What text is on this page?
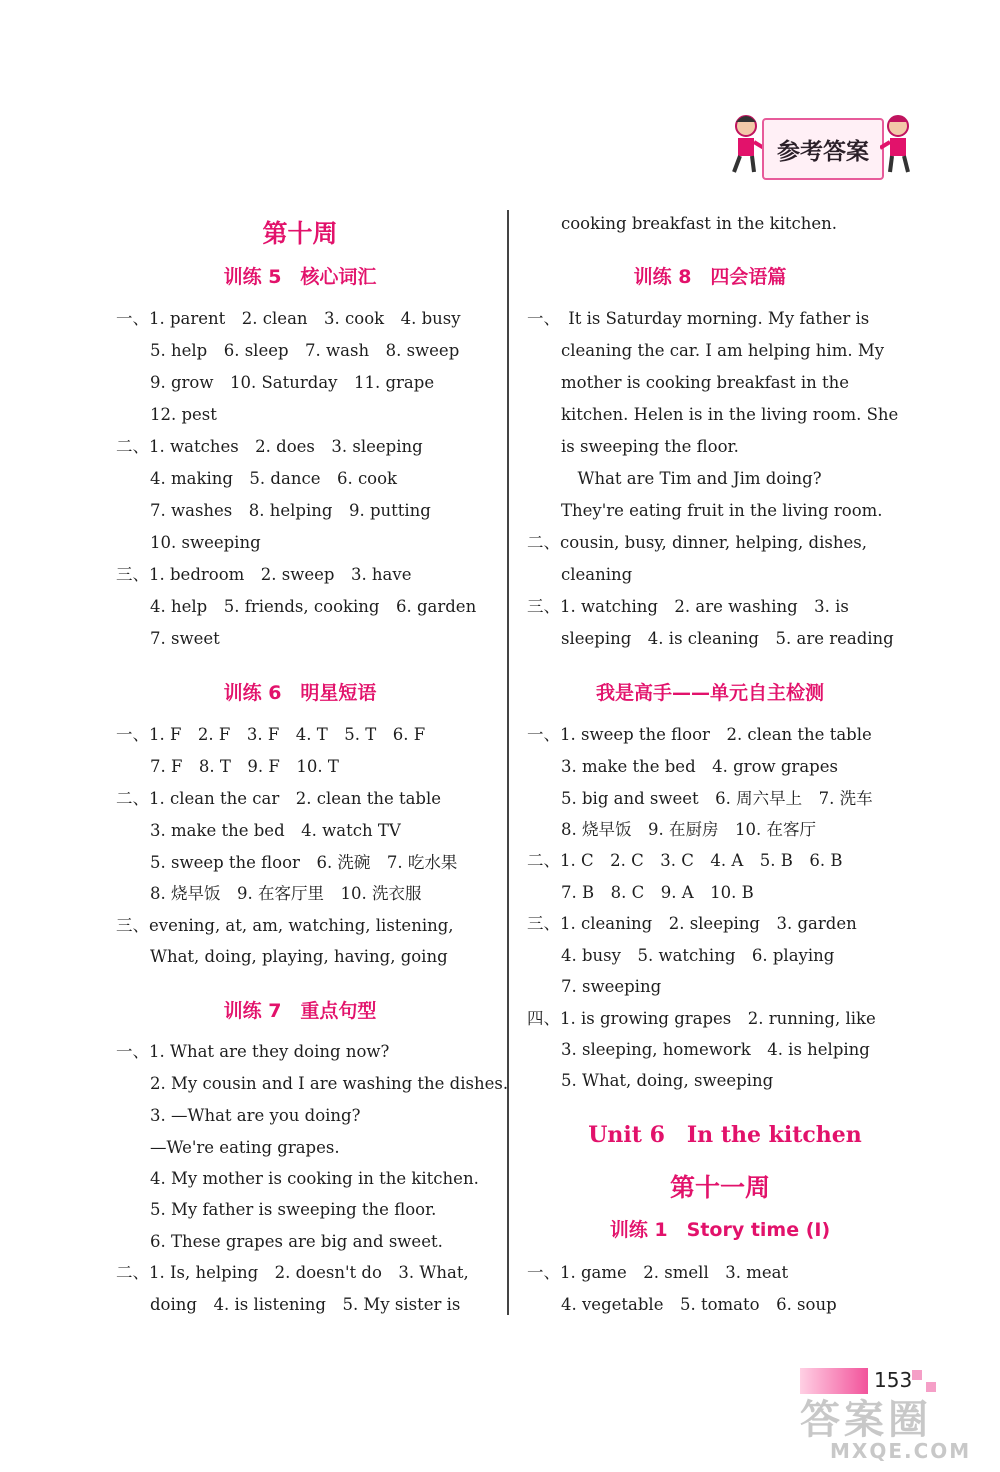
参考答案
第十周
训练 5　核心词汇
一、1. parent　2. clean　3. cook　4. busy
5. help　6. sleep　7. wash　8. sweep
9. grow　10. Saturday　11. grape
12. pest
二、1. watches　2. does　3. sleeping
4. making　5. dance　6. cook
7. washes　8. helping　9. putting
10. sweeping
三、1. bedroom　2. sweep　3. have
4. help　5. friends, cooking　6. garden
7. sweet
训练 6　明星短语
一、1. F　2. F　3. F　4. T　5. T　6. F
7. F　8. T　9. F　10. T
二、1. clean the car　2. clean the table
3. make the bed　4. watch TV
5. sweep the floor　6. 洗碗　7. 吃水果
8. 烧早饭　9. 在客厅里　10. 洗衣服
三、evening, at, am, watching, listening,
What, doing, playing, having, going
训练 7　重点句型
一、1. What are they doing now?
2. My cousin and I are washing the dishes.
3. —What are you doing?
—We're eating grapes.
4. My mother is cooking in the kitchen.
5. My father is sweeping the floor.
6. These grapes are big and sweet.
二、1. Is, helping　2. doesn't do　3. What,
doing　4. is listening　5. My sister is
cooking breakfast in the kitchen.
训练 8　四会语篇
一、　It is Saturday morning. My father is
cleaning the car. I am helping him. My
mother is cooking breakfast in the
kitchen. Helen is in the living room. She
is sweeping the floor.
　What are Tim and Jim doing?
They're eating fruit in the living room.
二、cousin, busy, dinner, helping, dishes,
cleaning
三、1. watching　2. are washing　3. is
sleeping　4. is cleaning　5. are reading
我是高手——单元自主检测
一、1. sweep the floor　2. clean the table
3. make the bed　4. grow grapes
5. big and sweet　6. 周六早上　7. 洗车
8. 烧早饭　9. 在厨房　10. 在客厅
二、1. C　2. C　3. C　4. A　5. B　6. B
7. B　8. C　9. A　10. B
三、1. cleaning　2. sleeping　3. garden
4. busy　5. watching　6. playing
7. sweeping
四、1. is growing grapes　2. running, like
3. sleeping, homework　4. is helping
5. What, doing, sweeping
Unit 6　In the kitchen
第十一周
训练 1　Story time (Ⅰ)
一、1. game　2. smell　3. meat
4. vegetable　5. tomato　6. soup
153
答案圈
MXQE.COM
